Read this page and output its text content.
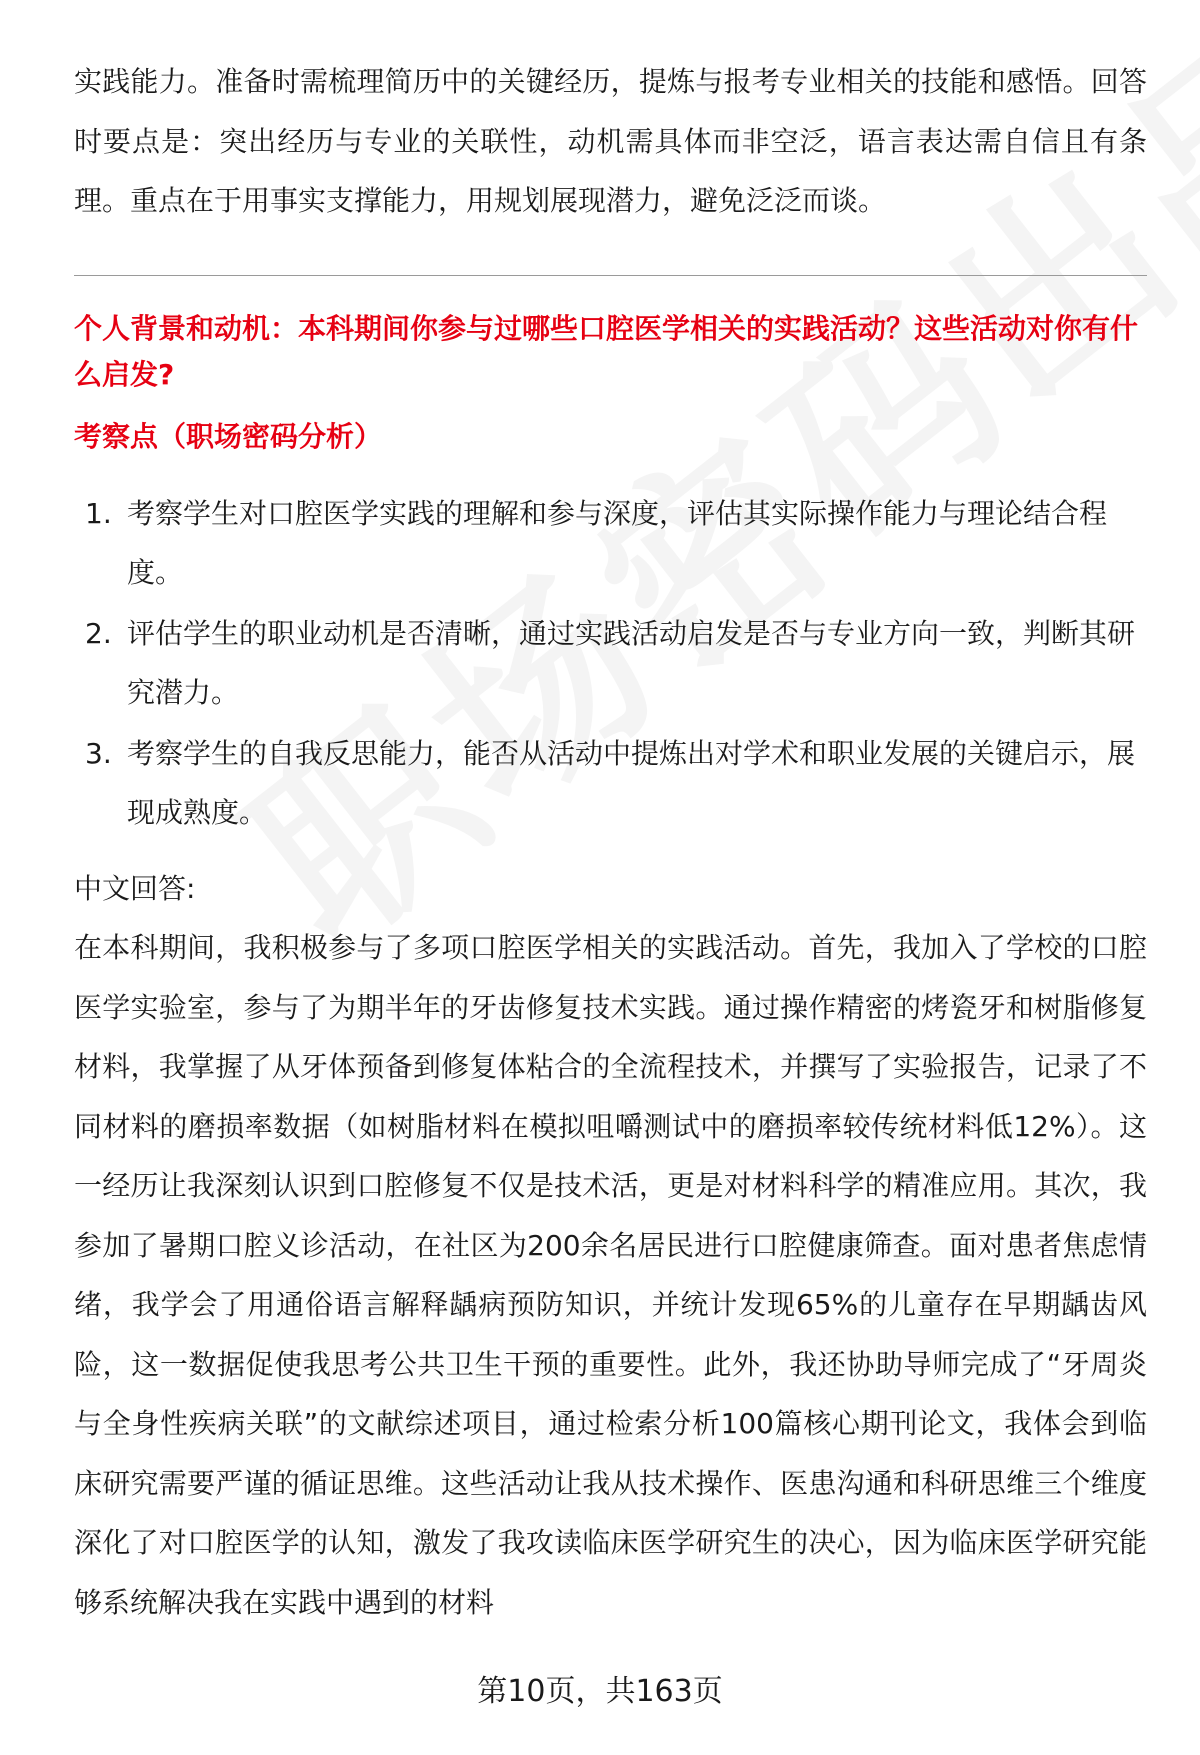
实践能力。准备时需梳理简历中的关键经历，提炼与报考专业相关的技能和感悟。回答时要点是：突出经历与专业的关联性，动机需具体而非空泛，语言表达需自信且有条理。重点在于用事实支撑能力，用规划展现潜力，避免泛泛而谈。

个人背景和动机：本科期间你参与过哪些口腔医学相关的实践活动？这些活动对你有什么启发?

考察点（职场密码分析）

1. 考察学生对口腔医学实践的理解和参与深度，评估其实际操作能力与理论结合程度。
2. 评估学生的职业动机是否清晰，通过实践活动启发是否与专业方向一致，判断其研究潜力。
3. 考察学生的自我反思能力，能否从活动中提炼出对学术和职业发展的关键启示，展现成熟度。

中文回答:

在本科期间，我积极参与了多项口腔医学相关的实践活动。首先，我加入了学校的口腔医学实验室，参与了为期半年的牙齿修复技术实践。通过操作精密的烤瓷牙和树脂修复材料，我掌握了从牙体预备到修复体粘合的全流程技术，并撰写了实验报告，记录了不同材料的磨损率数据（如树脂材料在模拟咀嚼测试中的磨损率较传统材料低12%）。这一经历让我深刻认识到口腔修复不仅是技术活，更是对材料科学的精准应用。其次，我参加了暑期口腔义诊活动，在社区为200余名居民进行口腔健康筛查。面对患者焦虑情绪，我学会了用通俗语言解释龋病预防知识，并统计发现65%的儿童存在早期龋齿风险，这一数据促使我思考公共卫生干预的重要性。此外，我还协助导师完成了“牙周炎与全身性疾病关联”的文献综述项目，通过检索分析100篇核心期刊论文，我体会到临床研究需要严谨的循证思维。这些活动让我从技术操作、医患沟通和科研思维三个维度深化了对口腔医学的认知，激发了我攻读临床医学研究生的决心，因为临床医学研究能够系统解决我在实践中遇到的材料

第10页，共163页
